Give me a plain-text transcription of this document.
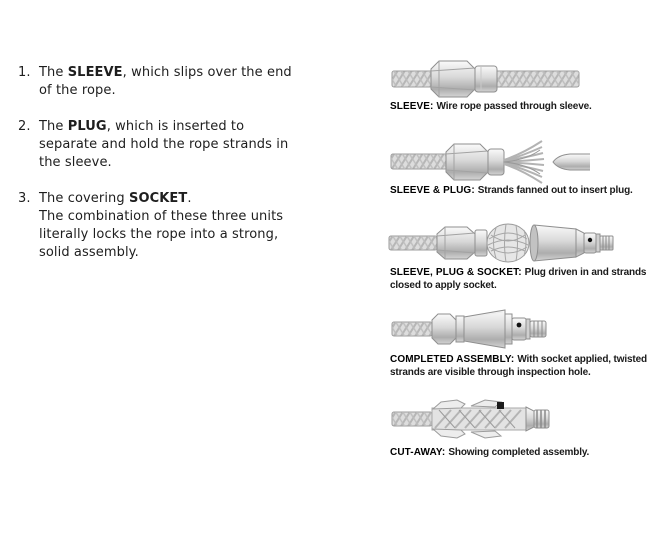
1. The SLEEVE, which slips over the end
of the rope.
2. The PLUG, which is inserted to
separate and hold the rope strands in
the sleeve.
3. The covering SOCKET.
The combination of these three units
literally locks the rope into a strong,
solid assembly.
SLEEVE: Wire rope passed through sleeve.
SLEEVE & PLUG: Strands fanned out to insert plug.
SLEEVE, PLUG & SOCKET: Plug driven in and strands
closed to apply socket.
COMPLETED ASSEMBLY: With socket applied, twisted
strands are visible through inspection hole.
CUT-AWAY: Showing completed assembly.
